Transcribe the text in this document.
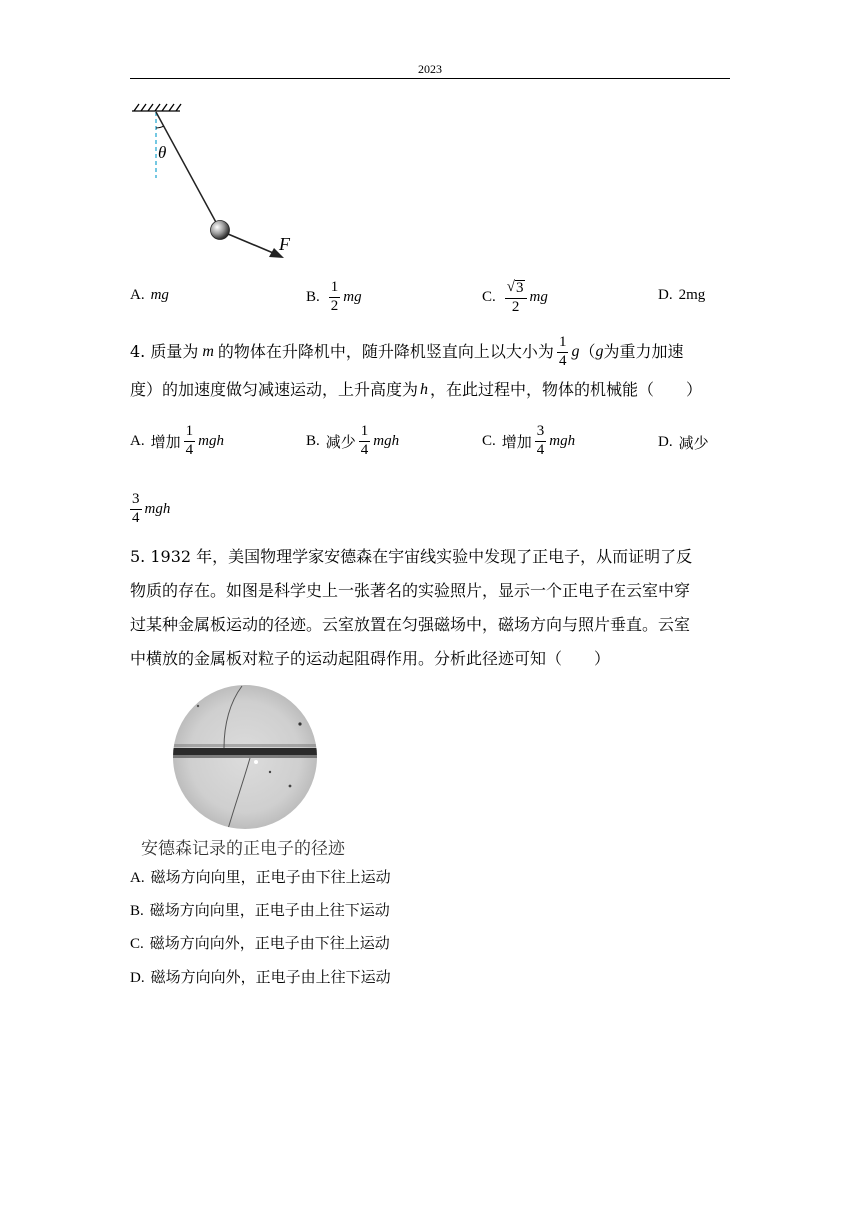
2023
θ
F
A. mg	B. $\frac{1}{2}$ mg	C. $\frac{√ 3}{2}$ mg	D. 2mg
4. 质量为 m 的物体在升降机中，随升降机竖直向上以大小为 $\frac{1}{4}$ g （ g 为重力加速
度）的加速度做匀减速运动，上升高度为 h ，在此过程中，物体的机械能（　　）
A. 增加 $\frac{1}{4}$ mgh	B. 减少 $\frac{1}{4}$ mgh	C. 增加 $\frac{3}{4}$ mgh	D. 减少
$\frac{3}{4}$ mgh
5. 1932 年，美国物理学家安德森在宇宙线实验中发现了正电子，从而证明了反
物质的存在。如图是科学史上一张著名的实验照片，显示一个正电子在云室中穿
过某种金属板运动的径迹。云室放置在匀强磁场中，磁场方向与照片垂直。云室
中横放的金属板对粒子的运动起阻碍作用。分析此径迹可知（　　）
安德森记录的正电子的径迹
A. 磁场方向向里，正电子由下往上运动
B. 磁场方向向里，正电子由上往下运动
C. 磁场方向向外，正电子由下往上运动
D. 磁场方向向外，正电子由上往下运动
